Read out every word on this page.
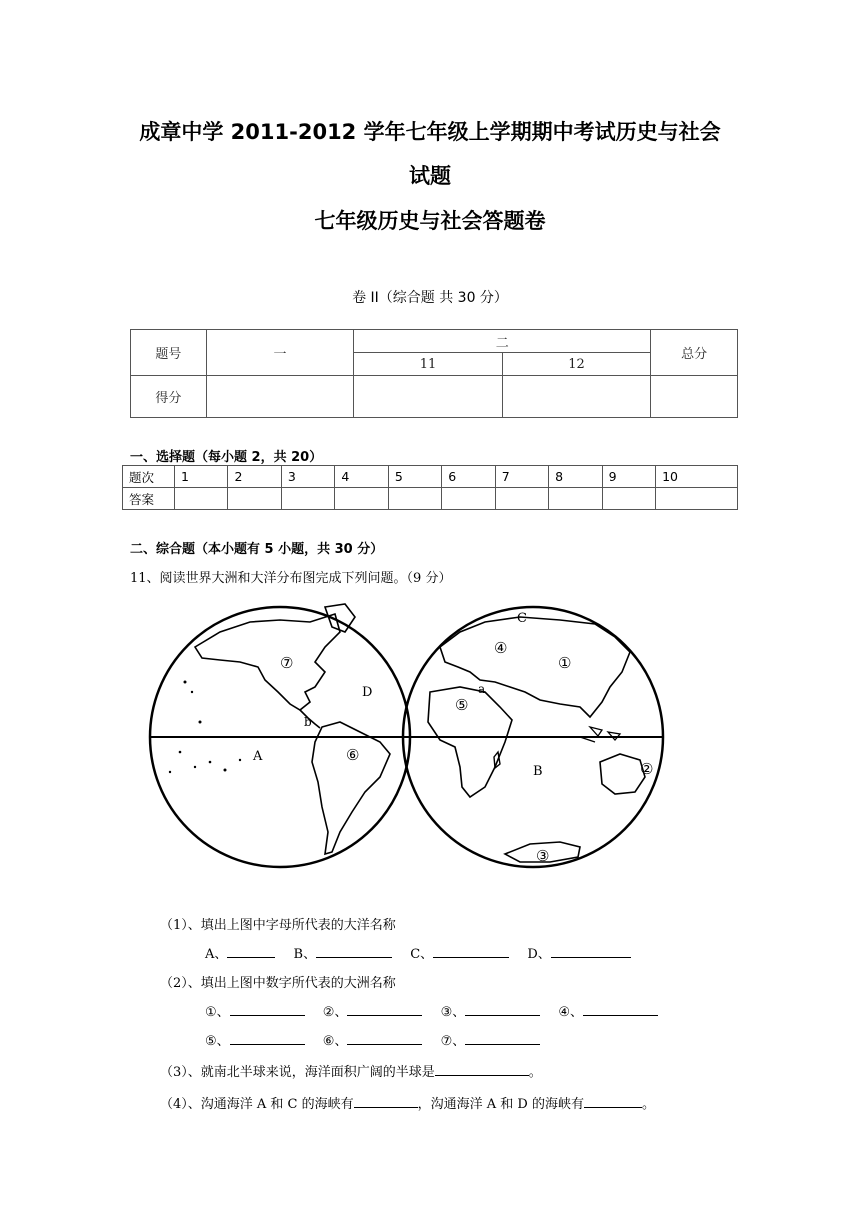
成章中学 2011-2012 学年七年级上学期期中考试历史与社会
试题
七年级历史与社会答题卷
卷 II（综合题 共 30 分）
题号	一	二		总分
		11	12	
得分				
一、选择题（每小题 2，共 20）
题次	1	2	3	4	5	6	7	8	9	10
答案										
二、综合题（本小题有 5 小题，共 30 分）
11、阅读世界大洲和大洋分布图完成下列问题。（9 分）
A
B
C
D	a
b
①
②
③
④
⑤
⑥
⑦
（1）、填出上图中字母所代表的大洋名称
A、	B、	C、	D、
（2）、填出上图中数字所代表的大洲名称
①、	②、	③、	④、
⑤、	⑥、	⑦、
（3）、就南北半球来说，海洋面积广阔的半球是	。
（4）、沟通海洋 A 和 C 的海峡有	，沟通海洋 A 和 D 的海峡有	。
